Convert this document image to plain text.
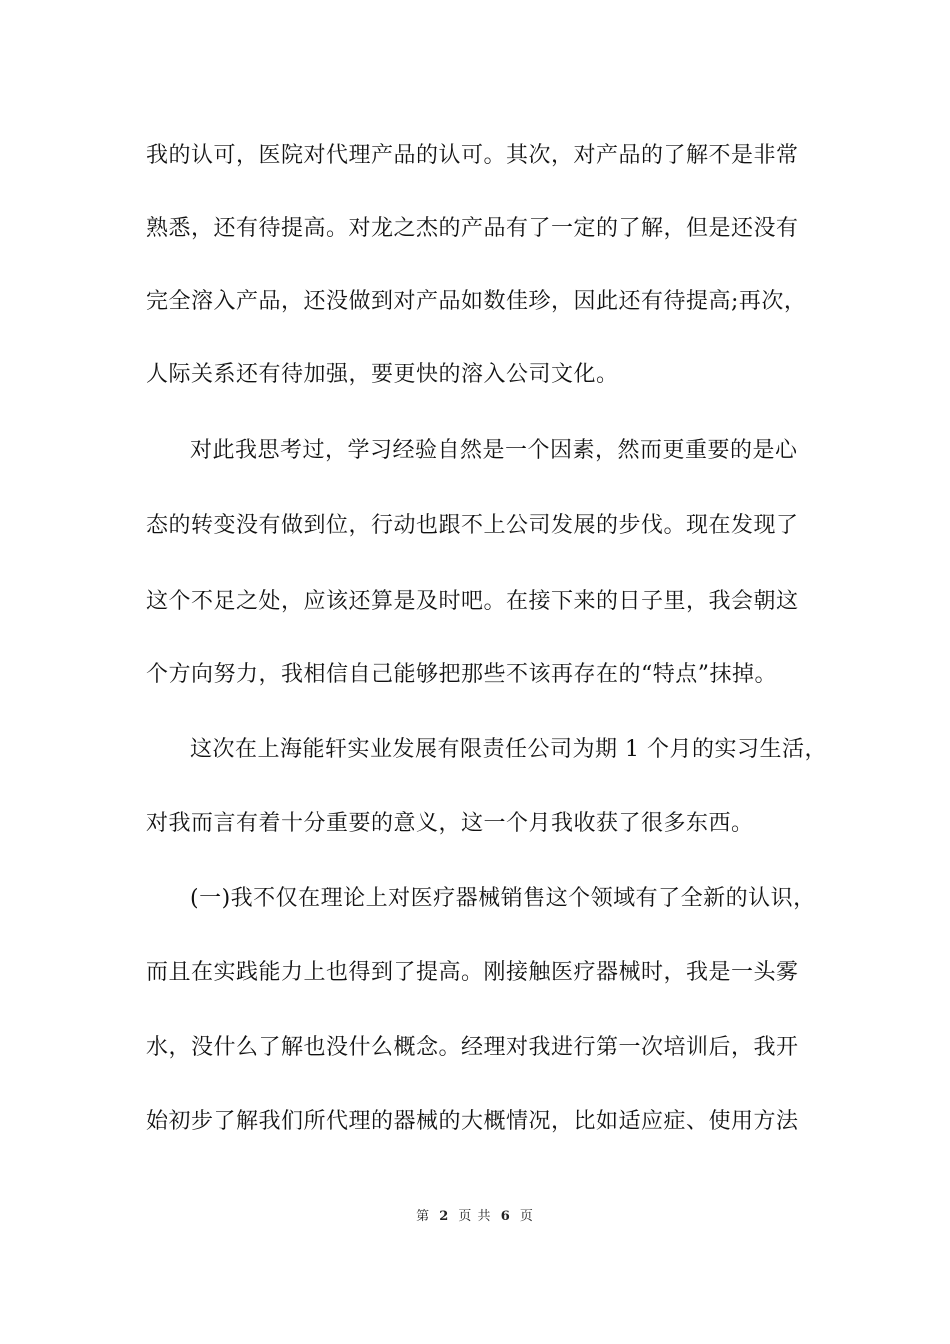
我的认可，医院对代理产品的认可。其次，对产品的了解不是非常
熟悉，还有待提高。对龙之杰的产品有了一定的了解，但是还没有
完全溶入产品，还没做到对产品如数佳珍，因此还有待提高;再次，
人际关系还有待加强，要更快的溶入公司文化。
对此我思考过，学习经验自然是一个因素，然而更重要的是心
态的转变没有做到位，行动也跟不上公司发展的步伐。现在发现了
这个不足之处，应该还算是及时吧。在接下来的日子里，我会朝这
个方向努力，我相信自己能够把那些不该再存在的“特点”抹掉。
这次在上海能轩实业发展有限责任公司为期 1 个月的实习生活，
对我而言有着十分重要的意义，这一个月我收获了很多东西。
(一)我不仅在理论上对医疗器械销售这个领域有了全新的认识，
而且在实践能力上也得到了提高。刚接触医疗器械时，我是一头雾
水，没什么了解也没什么概念。经理对我进行第一次培训后，我开
始初步了解我们所代理的器械的大概情况，比如适应症、使用方法
第 2 页 共 6 页
